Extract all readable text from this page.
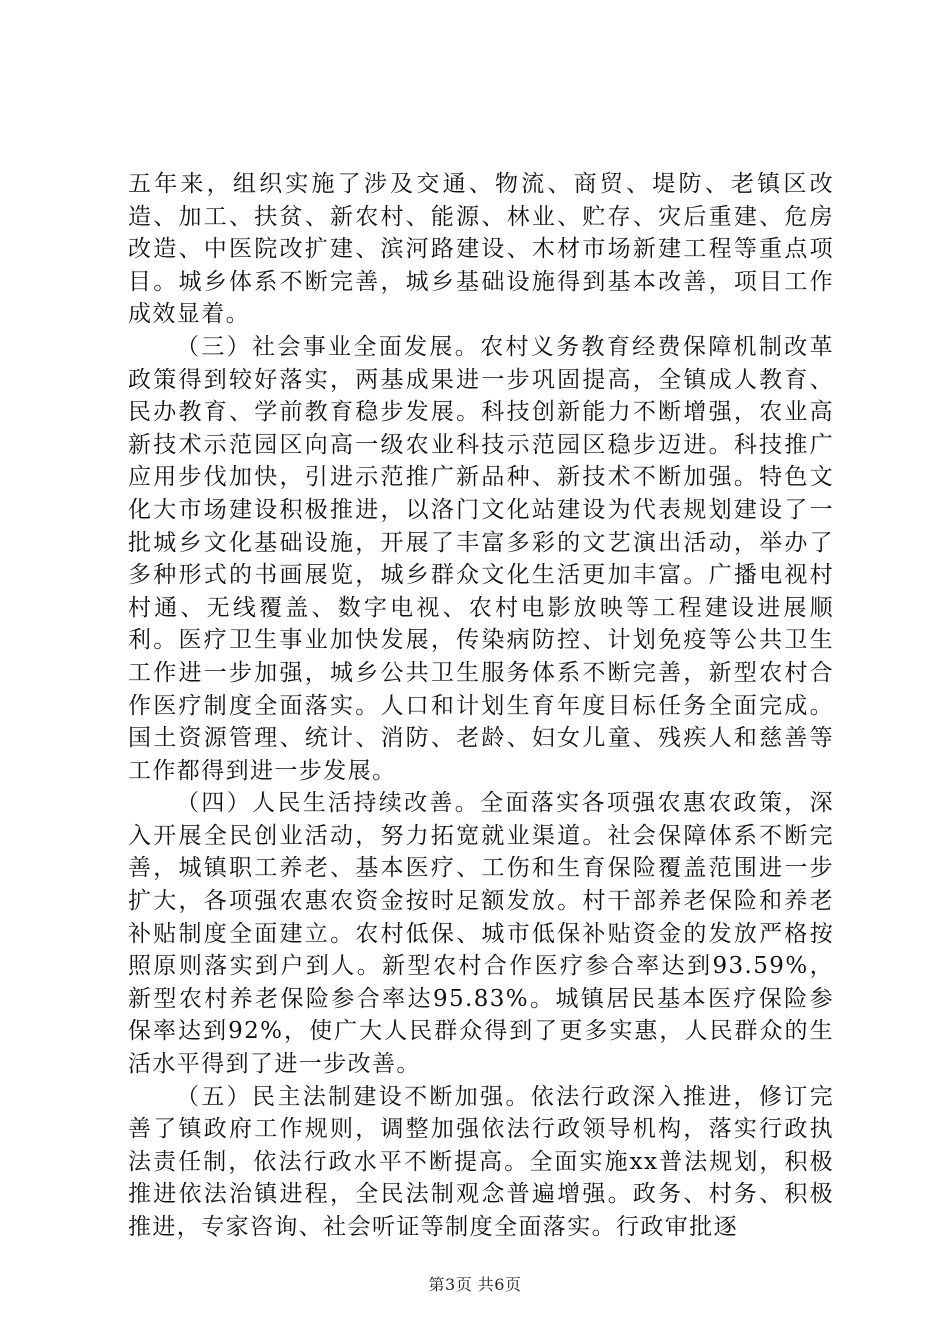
五年来，组织实施了涉及交通、物流、商贸、堤防、老镇区改造、加工、扶贫、新农村、能源、林业、贮存、灾后重建、危房改造、中医院改扩建、滨河路建设、木材市场新建工程等重点项目。城乡体系不断完善，城乡基础设施得到基本改善，项目工作成效显着。

（三）社会事业全面发展。农村义务教育经费保障机制改革政策得到较好落实，两基成果进一步巩固提高，全镇成人教育、民办教育、学前教育稳步发展。科技创新能力不断增强，农业高新技术示范园区向高一级农业科技示范园区稳步迈进。科技推广应用步伐加快，引进示范推广新品种、新技术不断加强。特色文化大市场建设积极推进，以洛门文化站建设为代表规划建设了一批城乡文化基础设施，开展了丰富多彩的文艺演出活动，举办了多种形式的书画展览，城乡群众文化生活更加丰富。广播电视村村通、无线覆盖、数字电视、农村电影放映等工程建设进展顺利。医疗卫生事业加快发展，传染病防控、计划免疫等公共卫生工作进一步加强，城乡公共卫生服务体系不断完善，新型农村合作医疗制度全面落实。人口和计划生育年度目标任务全面完成。国土资源管理、统计、消防、老龄、妇女儿童、残疾人和慈善等工作都得到进一步发展。

（四）人民生活持续改善。全面落实各项强农惠农政策，深入开展全民创业活动，努力拓宽就业渠道。社会保障体系不断完善，城镇职工养老、基本医疗、工伤和生育保险覆盖范围进一步扩大，各项强农惠农资金按时足额发放。村干部养老保险和养老补贴制度全面建立。农村低保、城市低保补贴资金的发放严格按照原则落实到户到人。新型农村合作医疗参合率达到93.59%，新型农村养老保险参合率达95.83%。城镇居民基本医疗保险参保率达到92%，使广大人民群众得到了更多实惠，人民群众的生活水平得到了进一步改善。

（五）民主法制建设不断加强。依法行政深入推进，修订完善了镇政府工作规则，调整加强依法行政领导机构，落实行政执法责任制，依法行政水平不断提高。全面实施xx普法规划，积极推进依法治镇进程，全民法制观念普遍增强。政务、村务、积极推进，专家咨询、社会听证等制度全面落实。行政审批逐

第3页 共6页
